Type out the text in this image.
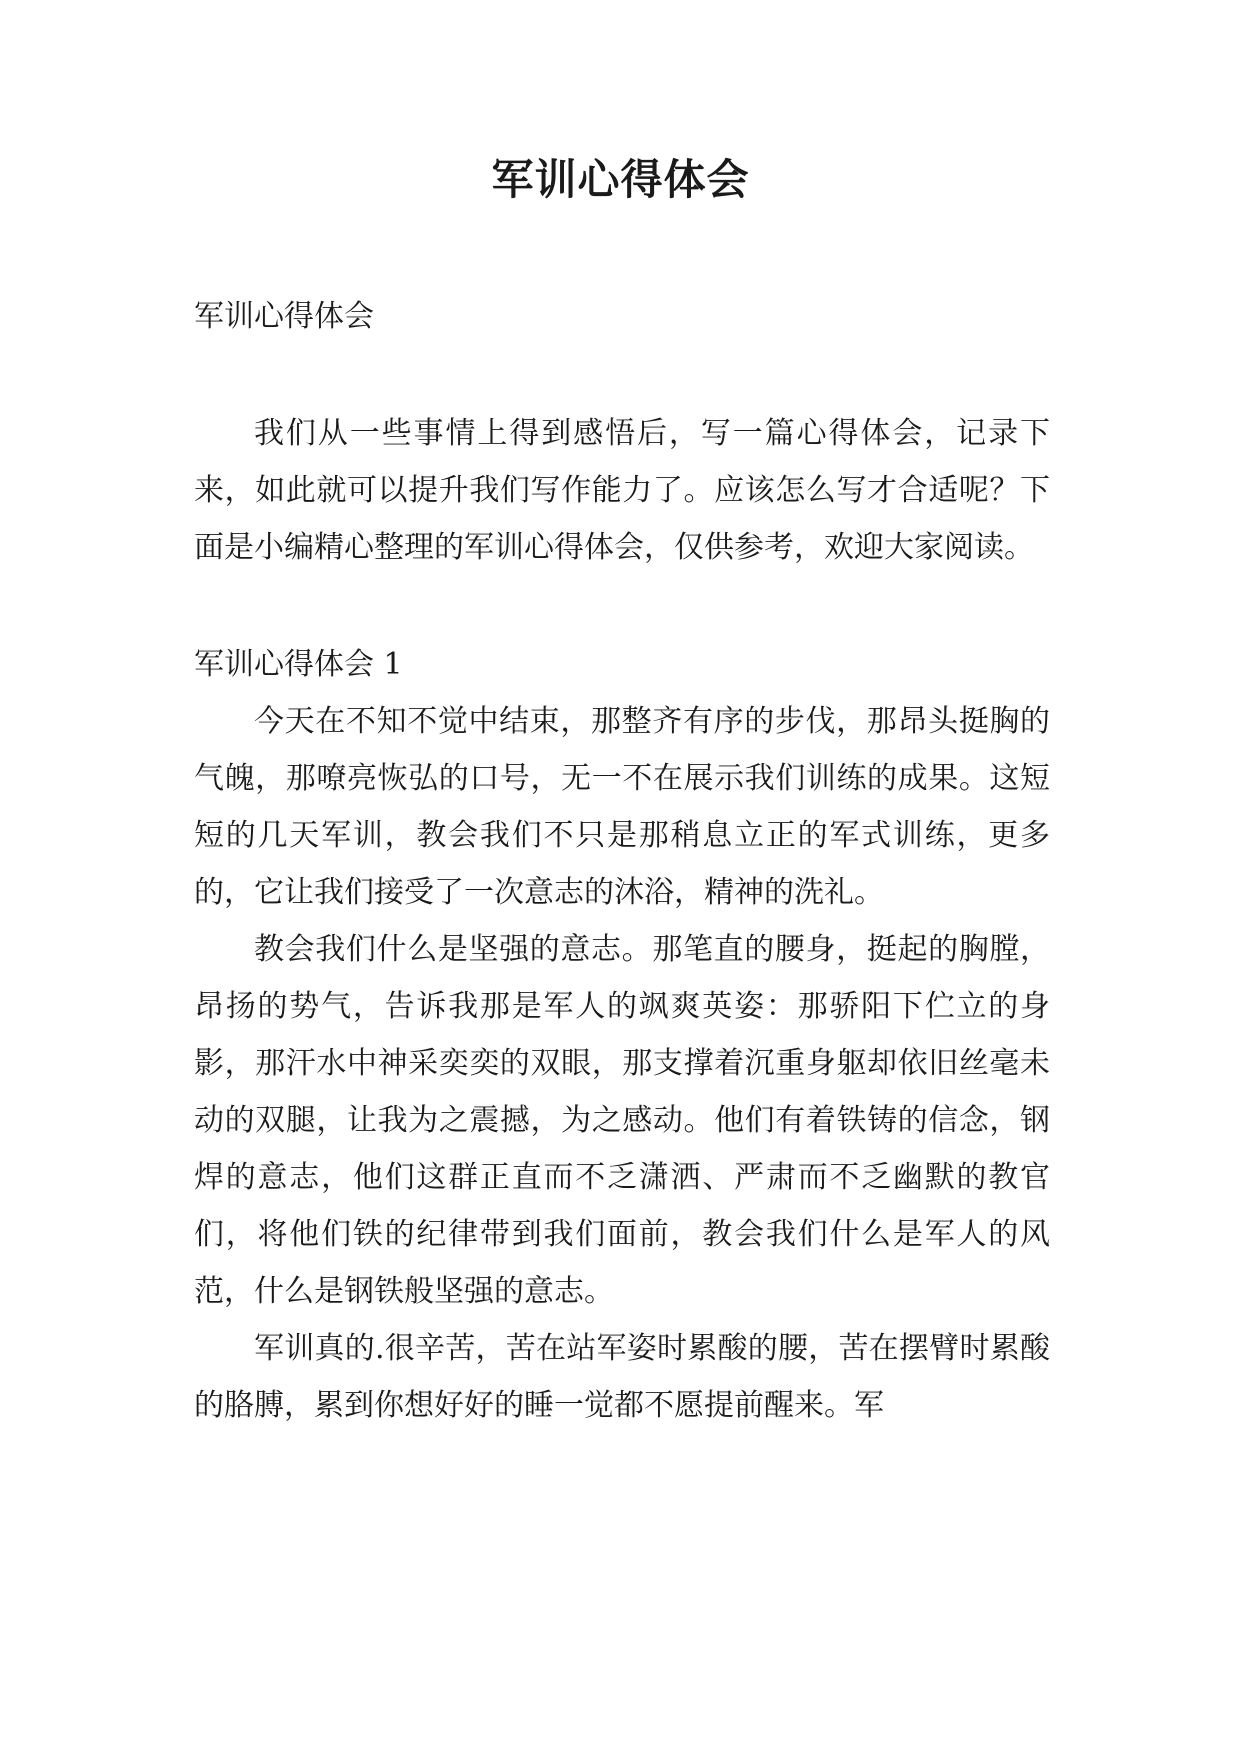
军训心得体会

军训心得体会

我们从一些事情上得到感悟后，写一篇心得体会，记录下来，如此就可以提升我们写作能力了。应该怎么写才合适呢？下面是小编精心整理的军训心得体会，仅供参考，欢迎大家阅读。

军训心得体会 1

今天在不知不觉中结束，那整齐有序的步伐，那昂头挺胸的气魄，那嘹亮恢弘的口号，无一不在展示我们训练的成果。这短短的几天军训，教会我们不只是那稍息立正的军式训练，更多的，它让我们接受了一次意志的沐浴，精神的洗礼。

教会我们什么是坚强的意志。那笔直的腰身，挺起的胸膛，昂扬的势气，告诉我那是军人的飒爽英姿：那骄阳下伫立的身影，那汗水中神采奕奕的双眼，那支撑着沉重身躯却依旧丝毫未动的双腿，让我为之震撼，为之感动。他们有着铁铸的信念，钢焊的意志，他们这群正直而不乏潇洒、严肃而不乏幽默的教官们，将他们铁的纪律带到我们面前，教会我们什么是军人的风范，什么是钢铁般坚强的意志。

军训真的.很辛苦，苦在站军姿时累酸的腰，苦在摆臂时累酸的胳膊，累到你想好好的睡一觉都不愿提前醒来。军
